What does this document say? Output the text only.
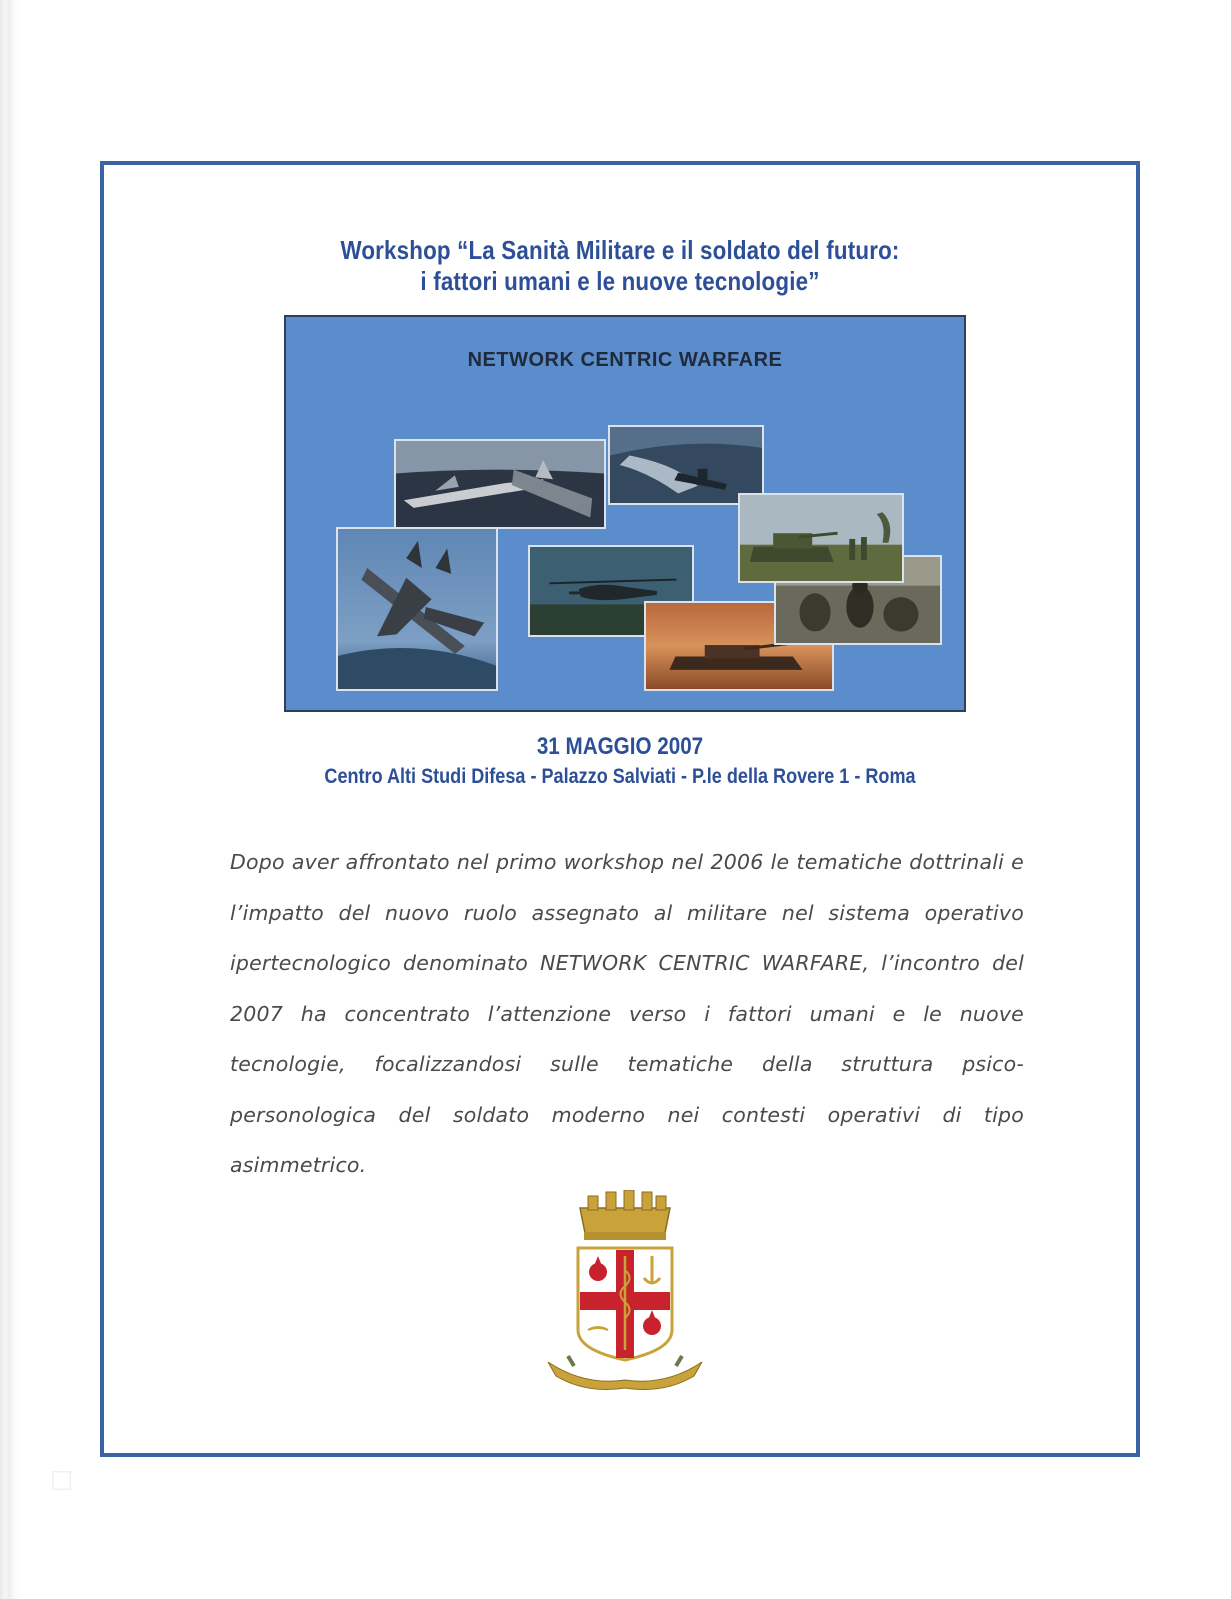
Workshop “La Sanità Militare e il soldato del futuro:
i fattori umani e le nuove tecnologie”
NETWORK CENTRIC WARFARE
31 MAGGIO 2007
Centro Alti Studi Difesa - Palazzo Salviati - P.le della Rovere 1 - Roma

Dopo aver affrontato nel primo workshop nel 2006 le tematiche dottrinali e l’impatto del nuovo ruolo assegnato al militare nel sistema operativo ipertecnologico denominato NETWORK CENTRIC WARFARE, l’incontro del 2007 ha concentrato l’attenzione verso i fattori umani e le nuove tecnologie, focalizzandosi sulle tematiche della struttura psico-personologica del soldato moderno nei contesti operativi di tipo asimmetrico.

☐
